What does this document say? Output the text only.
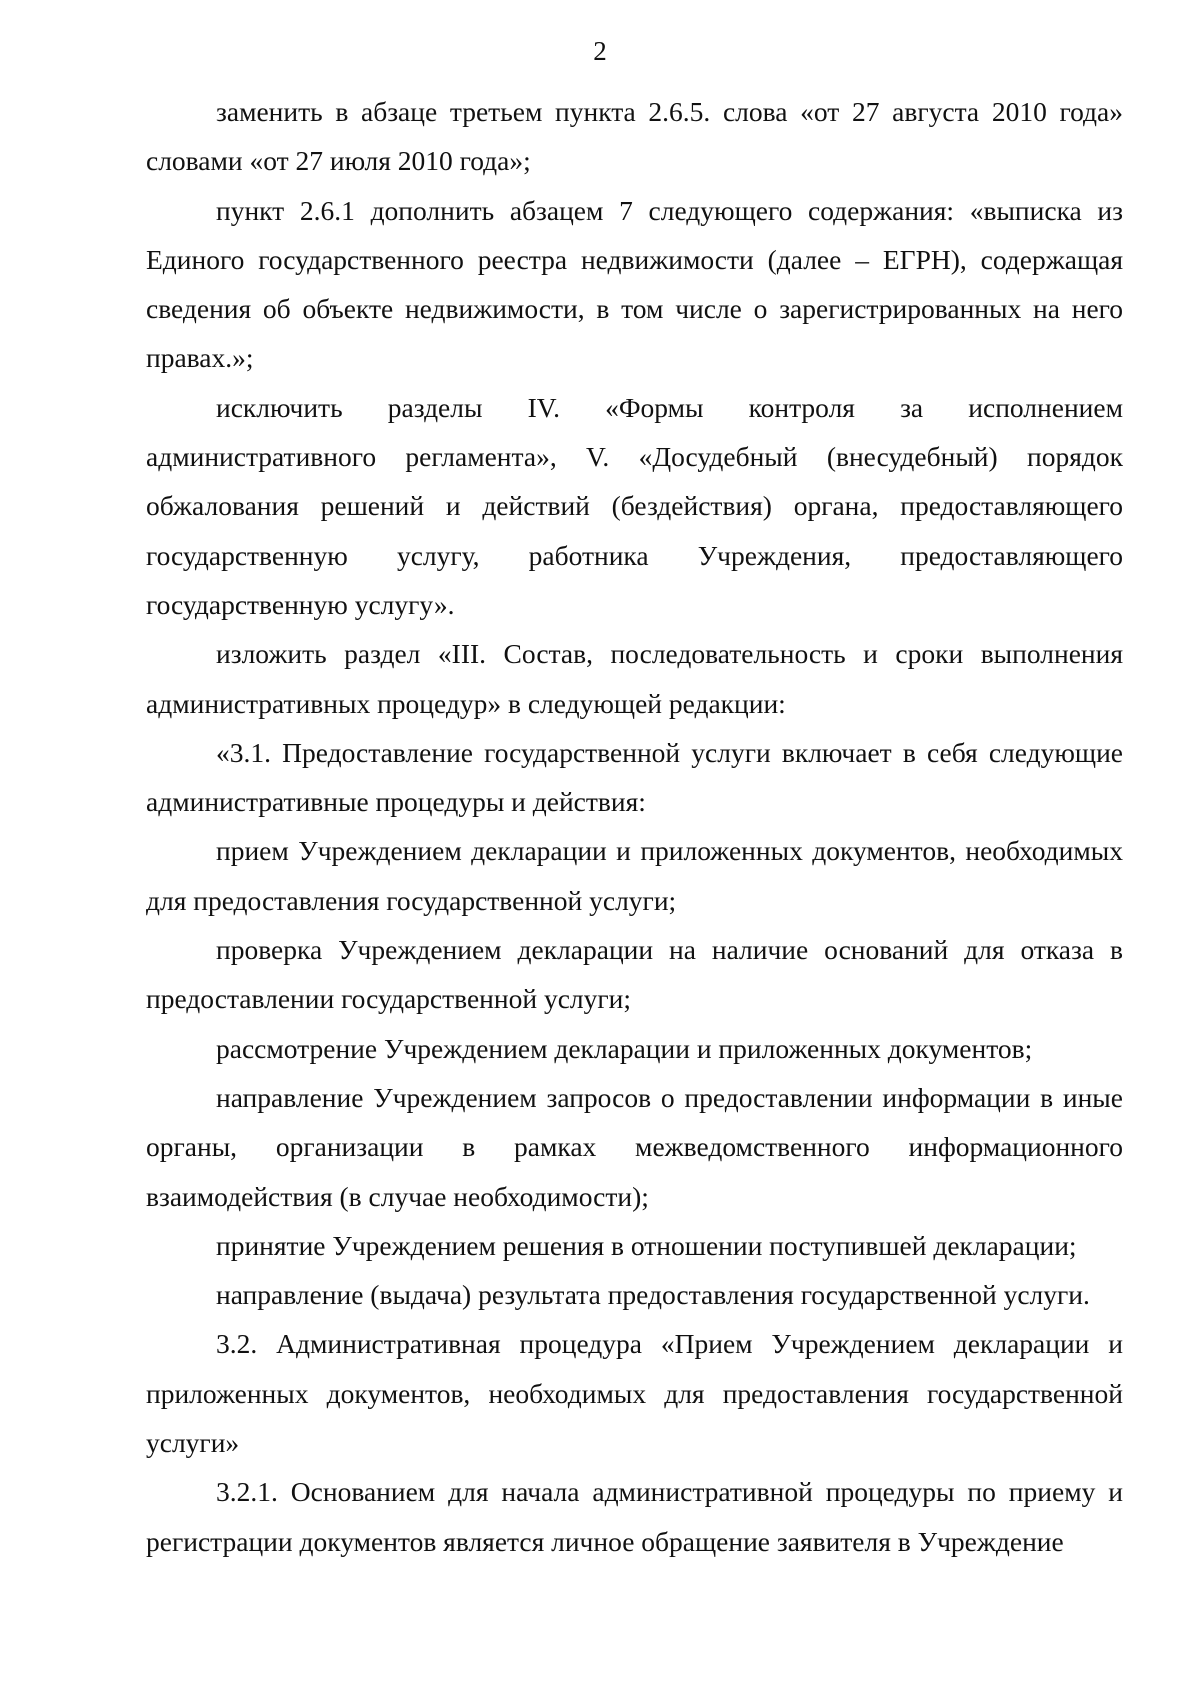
2

заменить в абзаце третьем пункта 2.6.5. слова «от 27 августа 2010 года» словами «от 27 июля 2010 года»;

пункт 2.6.1 дополнить абзацем 7 следующего содержания: «выписка из Единого государственного реестра недвижимости (далее – ЕГРН), содержащая сведения об объекте недвижимости, в том числе о зарегистрированных на него правах.»;

исключить разделы IV. «Формы контроля за исполнением административного регламента», V. «Досудебный (внесудебный) порядок обжалования решений и действий (бездействия) органа, предоставляющего государственную услугу, работника Учреждения, предоставляющего государственную услугу».

изложить раздел «III. Состав, последовательность и сроки выполнения административных процедур» в следующей редакции:

«3.1. Предоставление государственной услуги включает в себя следующие административные процедуры и действия:

прием Учреждением декларации и приложенных документов, необходимых для предоставления государственной услуги;

проверка Учреждением декларации на наличие оснований для отказа в предоставлении государственной услуги;

рассмотрение Учреждением декларации и приложенных документов;

направление Учреждением запросов о предоставлении информации в иные органы, организации в рамках межведомственного информационного взаимодействия (в случае необходимости);

принятие Учреждением решения в отношении поступившей декларации;

направление (выдача) результата предоставления государственной услуги.

3.2. Административная процедура «Прием Учреждением декларации и приложенных документов, необходимых для предоставления государственной услуги»

3.2.1. Основанием для начала административной процедуры по приему и регистрации документов является личное обращение заявителя в Учреждение
